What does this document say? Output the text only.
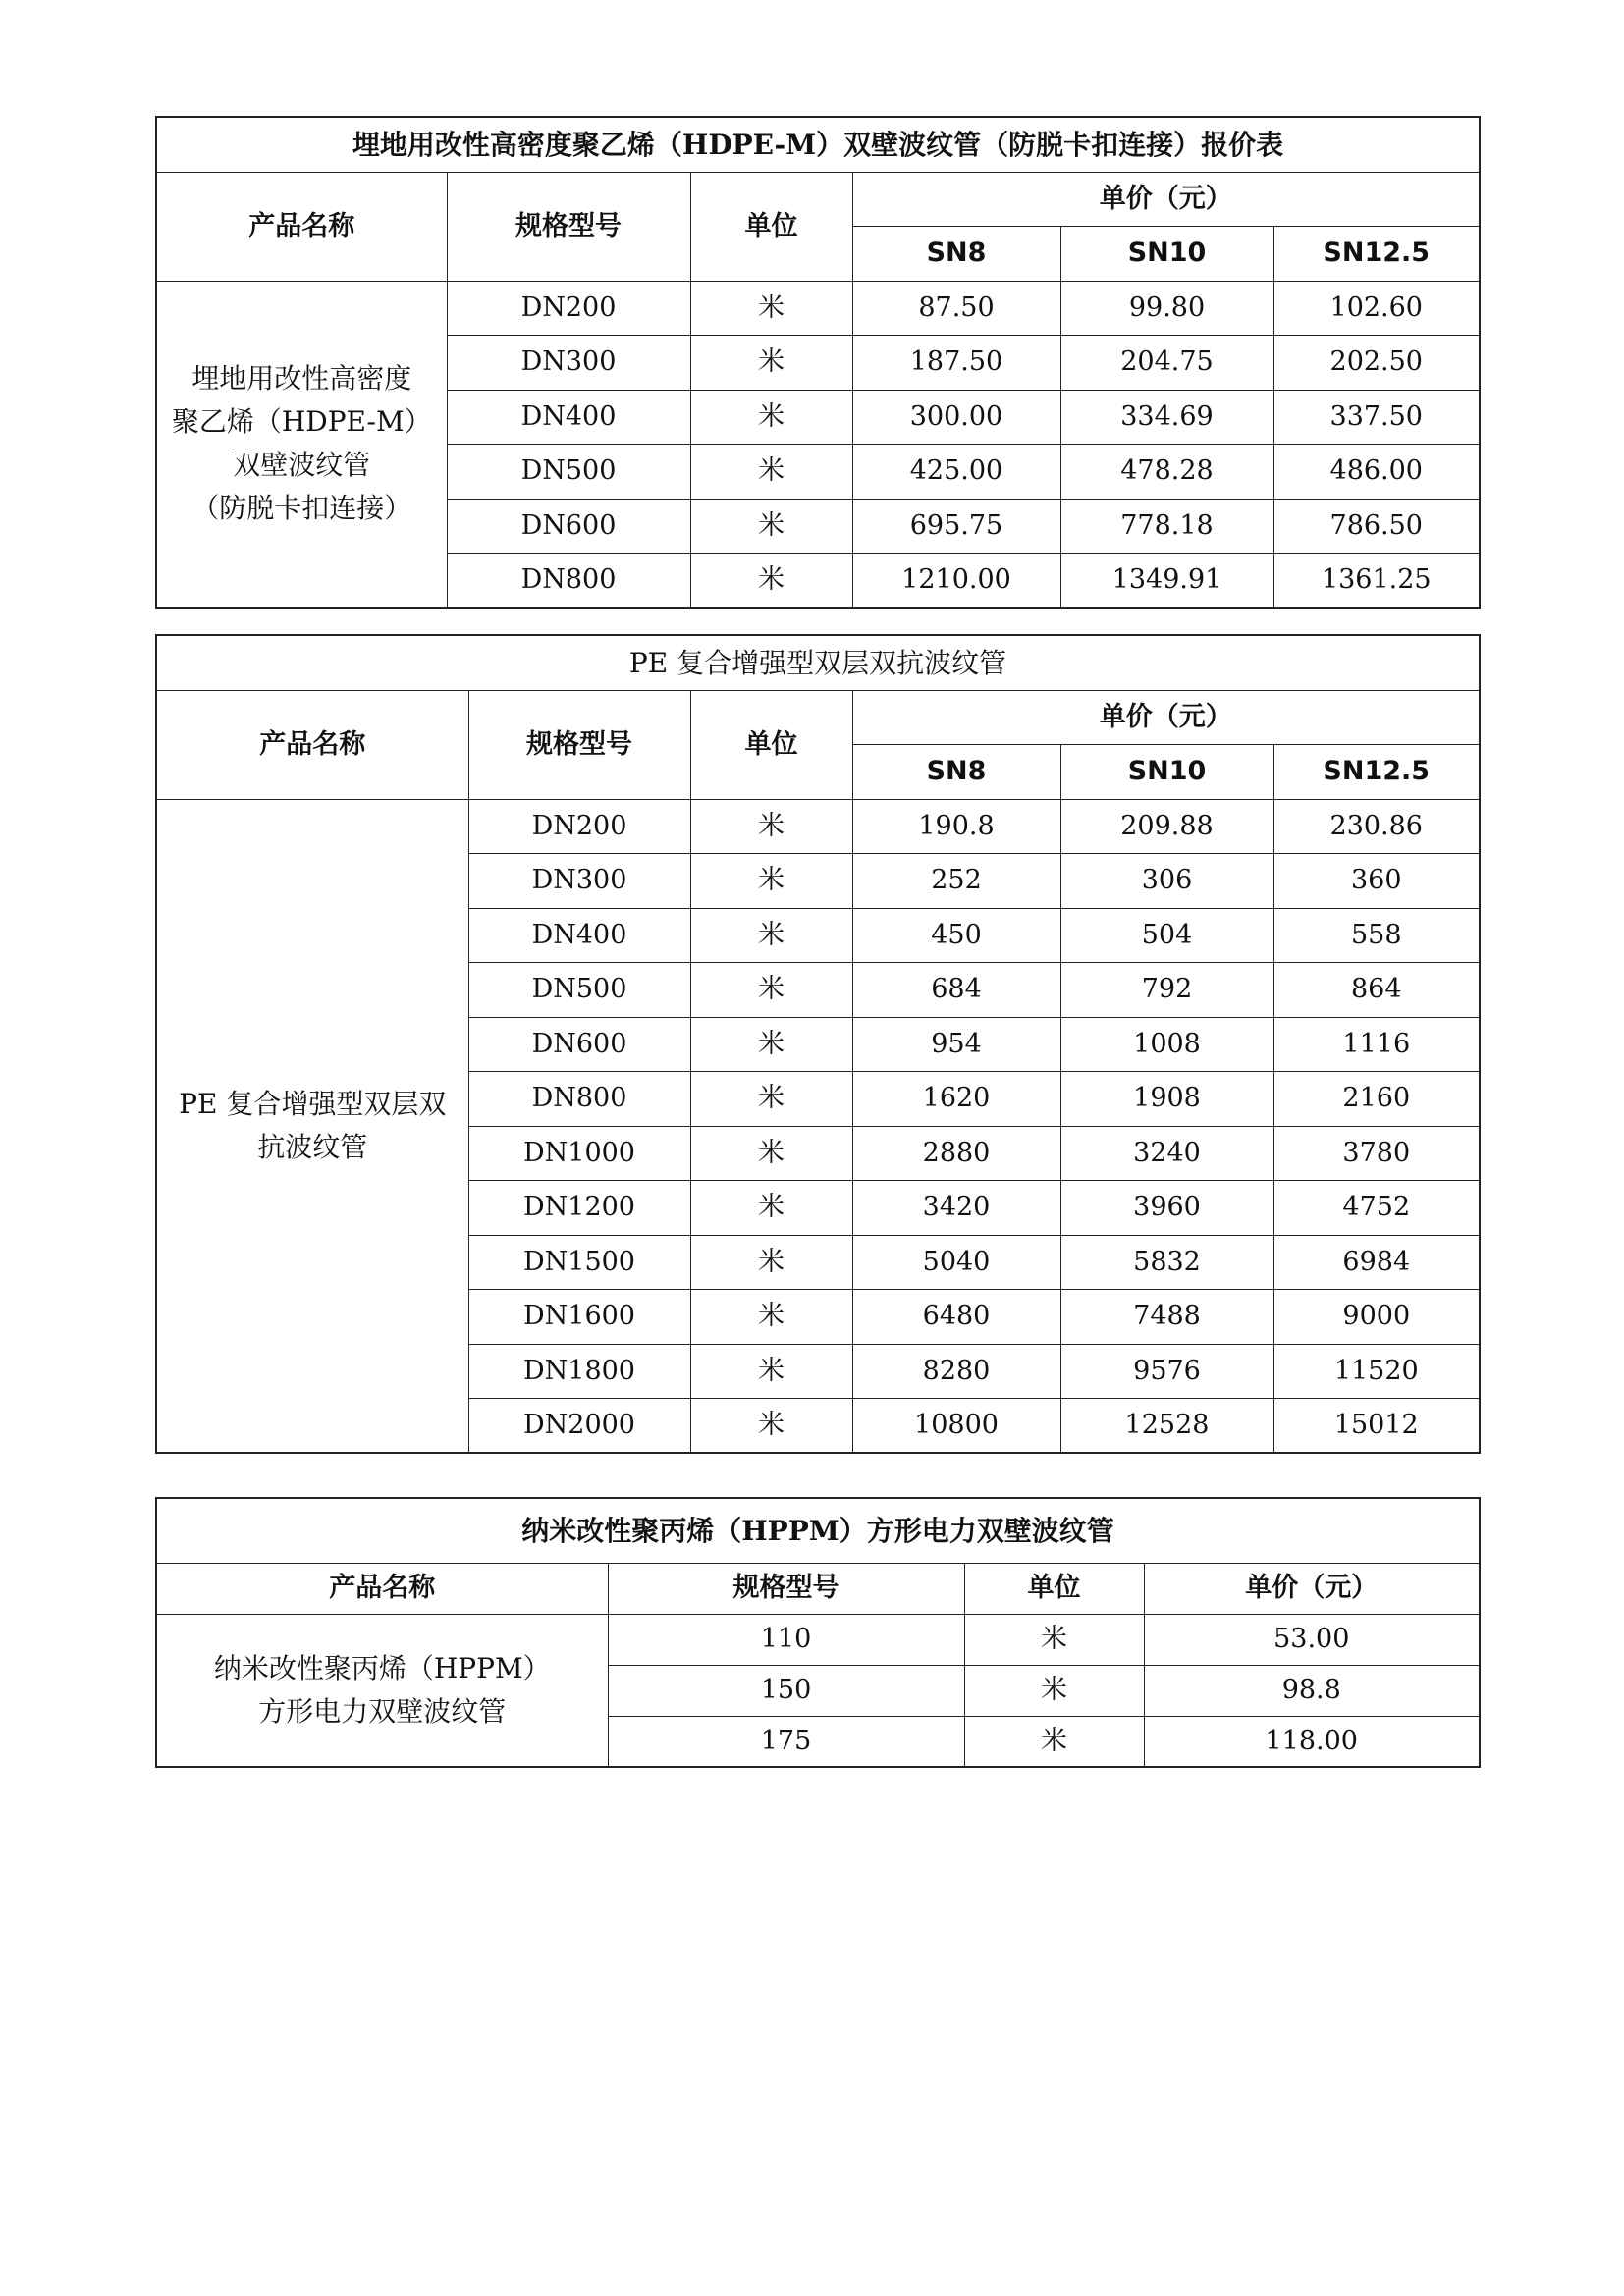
埋地用改性高密度聚乙烯（HDPE-M）双壁波纹管（防脱卡扣连接）报价表					
产品名称	规格型号	单位	单价（元）		
			SN8	SN10	SN12.5

埋地用改性高密度
聚乙烯（HDPE-M）
双壁波纹管
（防脱卡扣连接）	DN200	米	87.50	99.80	102.60
	DN300	米	187.50	204.75	202.50
	DN400	米	300.00	334.69	337.50
	DN500	米	425.00	478.28	486.00
	DN600	米	695.75	778.18	786.50
	DN800	米	1210.00	1349.91	1361.25
PE 复合增强型双层双抗波纹管					
产品名称	规格型号	单位	单价（元）		
			SN8	SN10	SN12.5

PE 复合增强型双层双
抗波纹管	DN200	米	190.8	209.88	230.86
	DN300	米	252	306	360
	DN400	米	450	504	558
	DN500	米	684	792	864
	DN600	米	954	1008	1116
	DN800	米	1620	1908	2160
	DN1000	米	2880	3240	3780
	DN1200	米	3420	3960	4752
	DN1500	米	5040	5832	6984
	DN1600	米	6480	7488	9000
	DN1800	米	8280	9576	11520
	DN2000	米	10800	12528	15012
纳米改性聚丙烯（HPPM）方形电力双壁波纹管			
产品名称	规格型号	单位	单价（元）

纳米改性聚丙烯（HPPM）
方形电力双壁波纹管	110	米	53.00
	150	米	98.8
	175	米	118.00
